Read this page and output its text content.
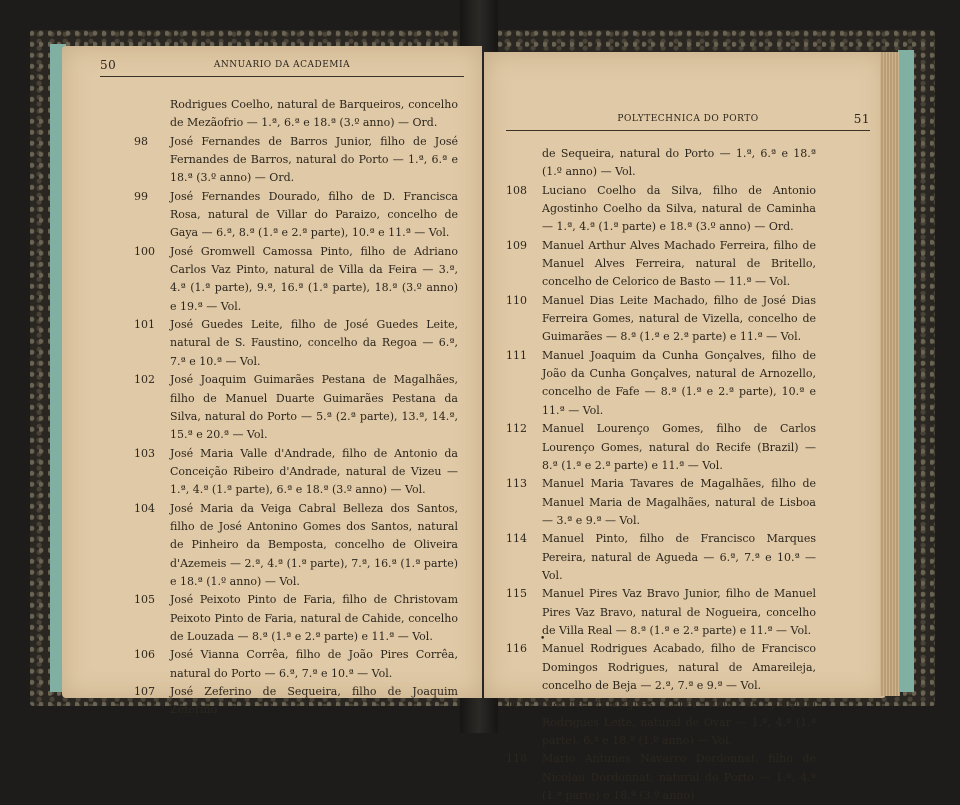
50	ANNUARIO DA ACADEMIA
Rodrigues Coelho, natural de Barqueiros, concelho de Mezãofrio — 1.ª, 6.ª e 18.ª (3.º anno) — Ord.
98 José Fernandes de Barros Junior, filho de José Fernandes de Barros, natural do Porto — 1.ª, 6.ª e 18.ª (3.º anno) — Ord.
99 José Fernandes Dourado, filho de D. Francisca Rosa, natural de Villar do Paraizo, concelho de Gaya — 6.ª, 8.ª (1.ª e 2.ª parte), 10.ª e 11.ª — Vol.
100 José Gromwell Camossa Pinto, filho de Adriano Carlos Vaz Pinto, natural de Villa da Feira — 3.ª, 4.ª (1.ª parte), 9.ª, 16.ª (1.ª parte), 18.ª (3.º anno) e 19.ª — Vol.
101 José Guedes Leite, filho de José Guedes Leite, natural de S. Faustino, concelho da Regoa — 6.ª, 7.ª e 10.ª — Vol.
102 José Joaquim Guimarães Pestana de Magalhães, filho de Manuel Duarte Guimarães Pestana da Silva, natural do Porto — 5.ª (2.ª parte), 13.ª, 14.ª, 15.ª e 20.ª — Vol.
103 José Maria Valle d'Andrade, filho de Antonio da Conceição Ribeiro d'Andrade, natural de Vizeu — 1.ª, 4.ª (1.ª parte), 6.ª e 18.ª (3.º anno) — Vol.
104 José Maria da Veiga Cabral Belleza dos Santos, filho de José Antonino Gomes dos Santos, natural de Pinheiro da Bemposta, concelho de Oliveira d'Azemeis — 2.ª, 4.ª (1.ª parte), 7.ª, 16.ª (1.ª parte) e 18.ª (1.º anno) — Vol.
105 José Peixoto Pinto de Faria, filho de Christovam Peixoto Pinto de Faria, natural de Cahide, concelho de Louzada — 8.ª (1.ª e 2.ª parte) e 11.ª — Vol.
106 José Vianna Corrêa, filho de João Pires Corrêa, natural do Porto — 6.ª, 7.ª e 10.ª — Vol.
107 José Zeferino de Sequeira, filho de Joaquim Zeferino
51
POLYTECHNICA DO PORTO
de Sequeira, natural do Porto — 1.ª, 6.ª e 18.ª (1.º anno) — Vol.
108 Luciano Coelho da Silva, filho de Antonio Agostinho Coelho da Silva, natural de Caminha — 1.ª, 4.ª (1.ª parte) e 18.ª (3.º anno) — Ord.
109 Manuel Arthur Alves Machado Ferreira, filho de Manuel Alves Ferreira, natural de Britello, concelho de Celorico de Basto — 11.ª — Vol.
110 Manuel Dias Leite Machado, filho de José Dias Ferreira Gomes, natural de Vizella, concelho de Guimarães — 8.ª (1.ª e 2.ª parte) e 11.ª — Vol.
111 Manuel Joaquim da Cunha Gonçalves, filho de João da Cunha Gonçalves, natural de Arnozello, concelho de Fafe — 8.ª (1.ª e 2.ª parte), 10.ª e 11.ª — Vol.
112 Manuel Lourenço Gomes, filho de Carlos Lourenço Gomes, natural do Recife (Brazil) — 8.ª (1.ª e 2.ª parte) e 11.ª — Vol.
113 Manuel Maria Tavares de Magalhães, filho de Manuel Maria de Magalhães, natural de Lisboa — 3.ª e 9.ª — Vol.
114 Manuel Pinto, filho de Francisco Marques Pereira, natural de Agueda — 6.ª, 7.ª e 10.ª — Vol.
115 Manuel Pires Vaz Bravo Junior, filho de Manuel Pires Vaz Bravo, natural de Nogueira, concelho de Villa Real — 8.ª (1.ª e 2.ª parte) e 11.ª — Vol.
116 Manuel Rodrigues Acabado, filho de Francisco Domingos Rodrigues, natural de Amareileja, concelho de Beja — 2.ª, 7.ª e 9.ª — Vol.
117 Manuel Rodrigues Leite, filho de Joaquim Rodrigues Leite, natural de Ovar — 1.ª, 4.ª (1.ª parte), 6.ª e 18.ª (1.º anno) — Vol.
118 Mario Antunes Navarro Dordonnat, filho de Nicolau Dordonnat, natural do Porto — 1.ª, 4.ª (1.ª parte) e 18.ª (3.º anno)
•
